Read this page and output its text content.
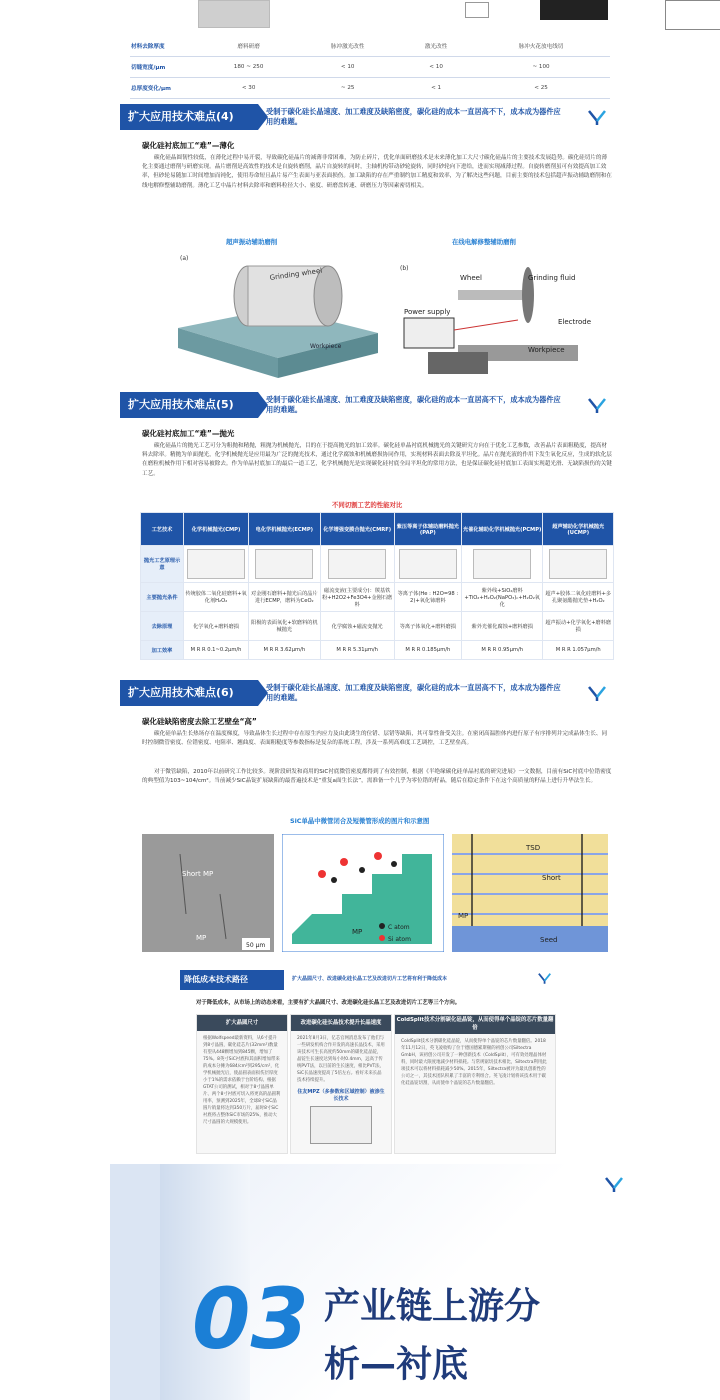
材料去除厚度	磨料研磨	脉冲激光改性	激光改性	脉冲火花放电线切
切缝宽度/μm	180 ~ 250	< 10	< 10	~ 100
总厚度变化/μm	< 30	~ 25	< 1	< 25
扩大应用技术难点(4)	受制于碳化硅长晶速度、加工难度及缺陷密度，碳化硅的成本一直居高不下，成本成为器件应用的难题。
碳化硅衬底加工“难”—薄化
碳化硅晶圆韧性较低，在薄化过程中易开裂，导致碳化硅晶片的减薄非常困难，为防止碎片，优化单面研磨技术是未来薄化加工大尺寸碳化硅晶片的主要技术发展趋势。碳化硅切片的薄化主要通过磨削与研磨实现。晶片磨削是高效性的技术是自旋转磨削，晶片自旋转的同时，主轴机构带动砂轮旋转，同时砂轮向下进给，进而实现减薄过程。自旋转磨削虽可有效提高加工效率，但砂轮易随加工时间增加而钝化，使用寿命短且晶片易产生表面与亚表面损伤。加工缺陷的存在严重制约加工精度和效率，为了解决这些问题，目前主要的技术包括超声振动辅助磨削和在线电解修整辅助磨削。薄化工艺中晶片材料去除率和磨料粒径大小、密度、研磨盘转速、研磨压力等因素密切相关。
超声振动辅助磨削	在线电解修整辅助磨削
(a)
Grinding wheel
Workpiece
(b)
Wheel	Grinding fluid
Power supply
Electrode
Workpiece
扩大应用技术难点(5)	受制于碳化硅长晶速度、加工难度及缺陷密度，碳化硅的成本一直居高不下，成本成为器件应用的难题。
碳化硅衬底加工“难”—抛光
碳化硅晶片的抛光工艺可分为粗抛和精抛，粗抛为机械抛光，目的在于提高抛光的加工效率。碳化硅单晶衬底机械抛光的关键研究方向在于优化工艺参数，改善晶片表面粗糙度，提高材料去除率。精抛为单面抛光，化学机械抛光是应用最为广泛的抛光技术，通过化学腐蚀和机械磨损协同作用，实现材料表面去除及平坦化。晶片在抛光液的作用下发生氧化反应，生成的软化层在磨粒机械作用下相对容易被除去。作为单晶衬底加工的最后一道工艺，化学机械抛光是实现碳化硅衬底全局平坦化的常用方法，也是保证碳化硅衬底加工表面实现超光滑、无缺陷损伤的关键工艺。
不同切割工艺的性能对比
工艺技术	化学机械抛光(CMP)	电化学机械抛光(ECMP)	化学增强变膜合抛光(CMRF)	紫压等离子体辅助磨料抛光(PAP)	光催化辅助化学机械抛光(PCMP)	超声辅助化学机械抛光(UCMP)
抛光工艺原理示意	

主要抛光条件	传统胶体二氧化硅磨料+氧化剂H₂O₂	对金刚石磨料+抛光后的晶片进行ECMP，磨料为CeO₂	磁流变液(主要成分)：羰基铁粉+H2O2+Fe3O4+金刚石磨料	等离子体(He : H2O=98 : 2)+氧化铈磨料	紫外线+SiO₂磨料+TiO₂+H₂O₂(NaPO₃)ₙ+H₂O₂氧化	超声+胶体二氧化硅磨料+多孔聚氨酯抛光垫+H₂O₂
去除原理	化学氧化+磨料磨损	阳极的表面氧化+软磨料的机械抛光	化学腐蚀+磁流变抛光	等离子体氧化+磨料磨损	紫外光催化腐蚀+磨料磨损	超声振动+化学氧化+磨料磨损
加工效率	M R R 0.1~0.2μm/h	M R R 3.62μm/h	M R R 5.31μm/h	M R R 0.185μm/h	M R R 0.95μm/h	M R R 1.057μm/h
扩大应用技术难点(6)	受制于碳化硅长晶速度、加工难度及缺陷密度，碳化硅的成本一直居高不下，成本成为器件应用的难题。
碳化硅缺陷密度去除工艺壁垒“高”
碳化硅单晶生长热场存在温度梯度，导致晶体生长过程中存在原生内应力及由此诱生的位错、层错等缺陷，其可靠性备受关注。在密闭高温腔体内进行原子有序排列并完成晶体生长、同时控制微管密度、位错密度、电阻率、翘曲度、表面粗糙度等参数指标是复杂的系统工程，涉及一系列高难度工艺调控，工艺壁垒高。
对于微管缺陷，2010年以前研究工作比较多。现阶段研发和商用的SiC衬底微管密度都得到了有效控制，根据《半绝缘碳化硅单晶衬底的研究进展》一文数据，目前有SiC衬底中位错密度的典型值为103~104/cm²。当前减少SiC晶锭扩展缺陷的最普遍技术是“重复a面生长法”，需准备一个几乎为零位错的籽晶，随后在稳定条件下在这个高质量的籽晶上进行升华法生长。
SiC单晶中微管闭合及短微管形成的图片和示意图
Short MP
MP
50 μm
MP
C atom
Si atom
TSD
Short
MP
Seed
降低成本技术路径	扩大晶圆尺寸、改进碳化硅长晶工艺及改进切片工艺将有利于降低成本
对于降低成本，从市场上的动态来看，主要有扩大晶圆尺寸、改进碳化硅长晶工艺及改进切片工艺等三个方向。
扩大晶圆尺寸
根据Wolfspeed最新资料，从6寸提升到8寸晶圆，碳化硅芯片(32mm²)数量有望从448颗增加到845颗，增加了75%。8英寸SiC衬底和其面积增加带来的成本分摊为684/cm²到295/cm²，化学机械抛光后，使晶圆表面损伤层厚度小于1%的需求依赖于台阶结构。根据GTAT公司的测试，相对于8寸晶圆单片、两个8寸衬底可切入将更高的晶圆利用率，预测到2025年，全球8寸SiC晶圆片销量将达到350万片，届时8寸SiC衬底将占整体SiC市场的25%，推动大尺寸晶圆的大规模使用。
改进碳化硅长晶技术提升长晶速度
2021年8月3日，亿芯官网消息发布了他们与一些研发机构合作开发的高速长晶技术，采用该技术可生长高度约50mm的碳化硅晶锭，晶锭生长速度达到每小时0.4mm，远高于传统PVT法，以目前的生长速度，相比PVT法，SiC长晶速度提高了5倍左右。看好未来长晶技术持续提升。
住友MPZ（多参数和区域控制）液渗生长技术
ColdSplit技术分割碳化硅晶锭，从而使得单个晶锭的芯片数量翻倍
ColdSplit技术分割碳化硅晶锭，从而使得单个晶锭的芯片数量翻倍。2018年11月12日，英飞凌收购了位于德国德累斯顿的初创公司Siltectra GmbH，该初创公司开发了一种创新技术（ColdSplit），可有效处理晶体材料，同时最大限度地减少材料损耗。与常规锯切技术相比，Siltectra利用此项技术可以将材料损耗减少50%。2015年，Siltectra被评为最具创新性的公司之一，其技术团队积累了丰富的专利组合。英飞凌计划将该技术用于碳化硅晶锭切割，从而使单个晶锭的芯片数量翻倍。
03 产业链上游分
析—衬底
